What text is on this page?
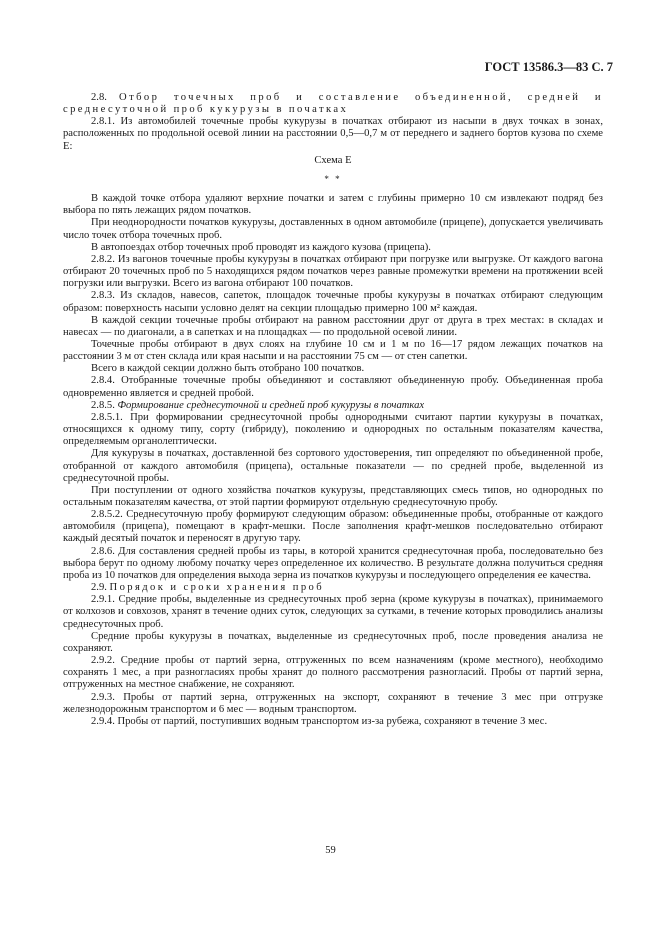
ГОСТ 13586.3—83 С. 7

2.8. Отбор точечных проб и составление объединенной, средней и среднесуточной проб кукурузы в початках

2.8.1. Из автомобилей точечные пробы кукурузы в початках отбирают из насыпи в двух точках в зонах, расположенных по продольной осевой линии на расстоянии 0,5—0,7 м от переднего и заднего бортов кузова по схеме Е:

Схема Е

* *

В каждой точке отбора удаляют верхние початки и затем с глубины примерно 10 см извлекают подряд без выбора по пять лежащих рядом початков.

При неоднородности початков кукурузы, доставленных в одном автомобиле (прицепе), допускается увеличивать число точек отбора точечных проб.

В автопоездах отбор точечных проб проводят из каждого кузова (прицепа).

2.8.2. Из вагонов точечные пробы кукурузы в початках отбирают при погрузке или выгрузке. От каждого вагона отбирают 20 точечных проб по 5 находящихся рядом початков через равные промежутки времени на протяжении всей погрузки или выгрузки. Всего из вагона отбирают 100 початков.

2.8.3. Из складов, навесов, сапеток, площадок точечные пробы кукурузы в початках отбирают следующим образом: поверхность насыпи условно делят на секции площадью примерно 100 м² каждая.

В каждой секции точечные пробы отбирают на равном расстоянии друг от друга в трех местах: в складах и навесах — по диагонали, а в сапетках и на площадках — по продольной осевой линии.

Точечные пробы отбирают в двух слоях на глубине 10 см и 1 м по 16—17 рядом лежащих початков на расстоянии 3 м от стен склада или края насыпи и на расстоянии 75 см — от стен сапетки.

Всего в каждой секции должно быть отобрано 100 початков.

2.8.4. Отобранные точечные пробы объединяют и составляют объединенную пробу. Объединенная проба одновременно является и средней пробой.

2.8.5. Формирование среднесуточной и средней проб кукурузы в початках

2.8.5.1. При формировании среднесуточной пробы однородными считают партии кукурузы в початках, относящихся к одному типу, сорту (гибриду), поколению и однородных по остальным показателям качества, определяемым органолептически.

Для кукурузы в початках, доставленной без сортового удостоверения, тип определяют по объединенной пробе, отобранной от каждого автомобиля (прицепа), остальные показатели — по средней пробе, выделенной из среднесуточной пробы.

При поступлении от одного хозяйства початков кукурузы, представляющих смесь типов, но однородных по остальным показателям качества, от этой партии формируют отдельную среднесуточную пробу.

2.8.5.2. Среднесуточную пробу формируют следующим образом: объединенные пробы, отобранные от каждого автомобиля (прицепа), помещают в крафт-мешки. После заполнения крафт-мешков последовательно отбирают каждый десятый початок и переносят в другую тару.

2.8.6. Для составления средней пробы из тары, в которой хранится среднесуточная проба, последовательно без выбора берут по одному любому початку через определенное их количество. В результате должна получиться средняя проба из 10 початков для определения выхода зерна из початков кукурузы и последующего определения ее качества.

2.9. Порядок и сроки хранения проб

2.9.1. Средние пробы, выделенные из среднесуточных проб зерна (кроме кукурузы в початках), принимаемого от колхозов и совхозов, хранят в течение одних суток, следующих за сутками, в течение которых проводились анализы среднесуточных проб.

Средние пробы кукурузы в початках, выделенные из среднесуточных проб, после проведения анализа не сохраняют.

2.9.2. Средние пробы от партий зерна, отгруженных по всем назначениям (кроме местного), необходимо сохранять 1 мес, а при разногласиях пробы хранят до полного рассмотрения разногласий. Пробы от партий зерна, отгруженных на местное снабжение, не сохраняют.

2.9.3. Пробы от партий зерна, отгруженных на экспорт, сохраняют в течение 3 мес при отгрузке железнодорожным транспортом и 6 мес — водным транспортом.

2.9.4. Пробы от партий, поступивших водным транспортом из-за рубежа, сохраняют в течение 3 мес.

59
